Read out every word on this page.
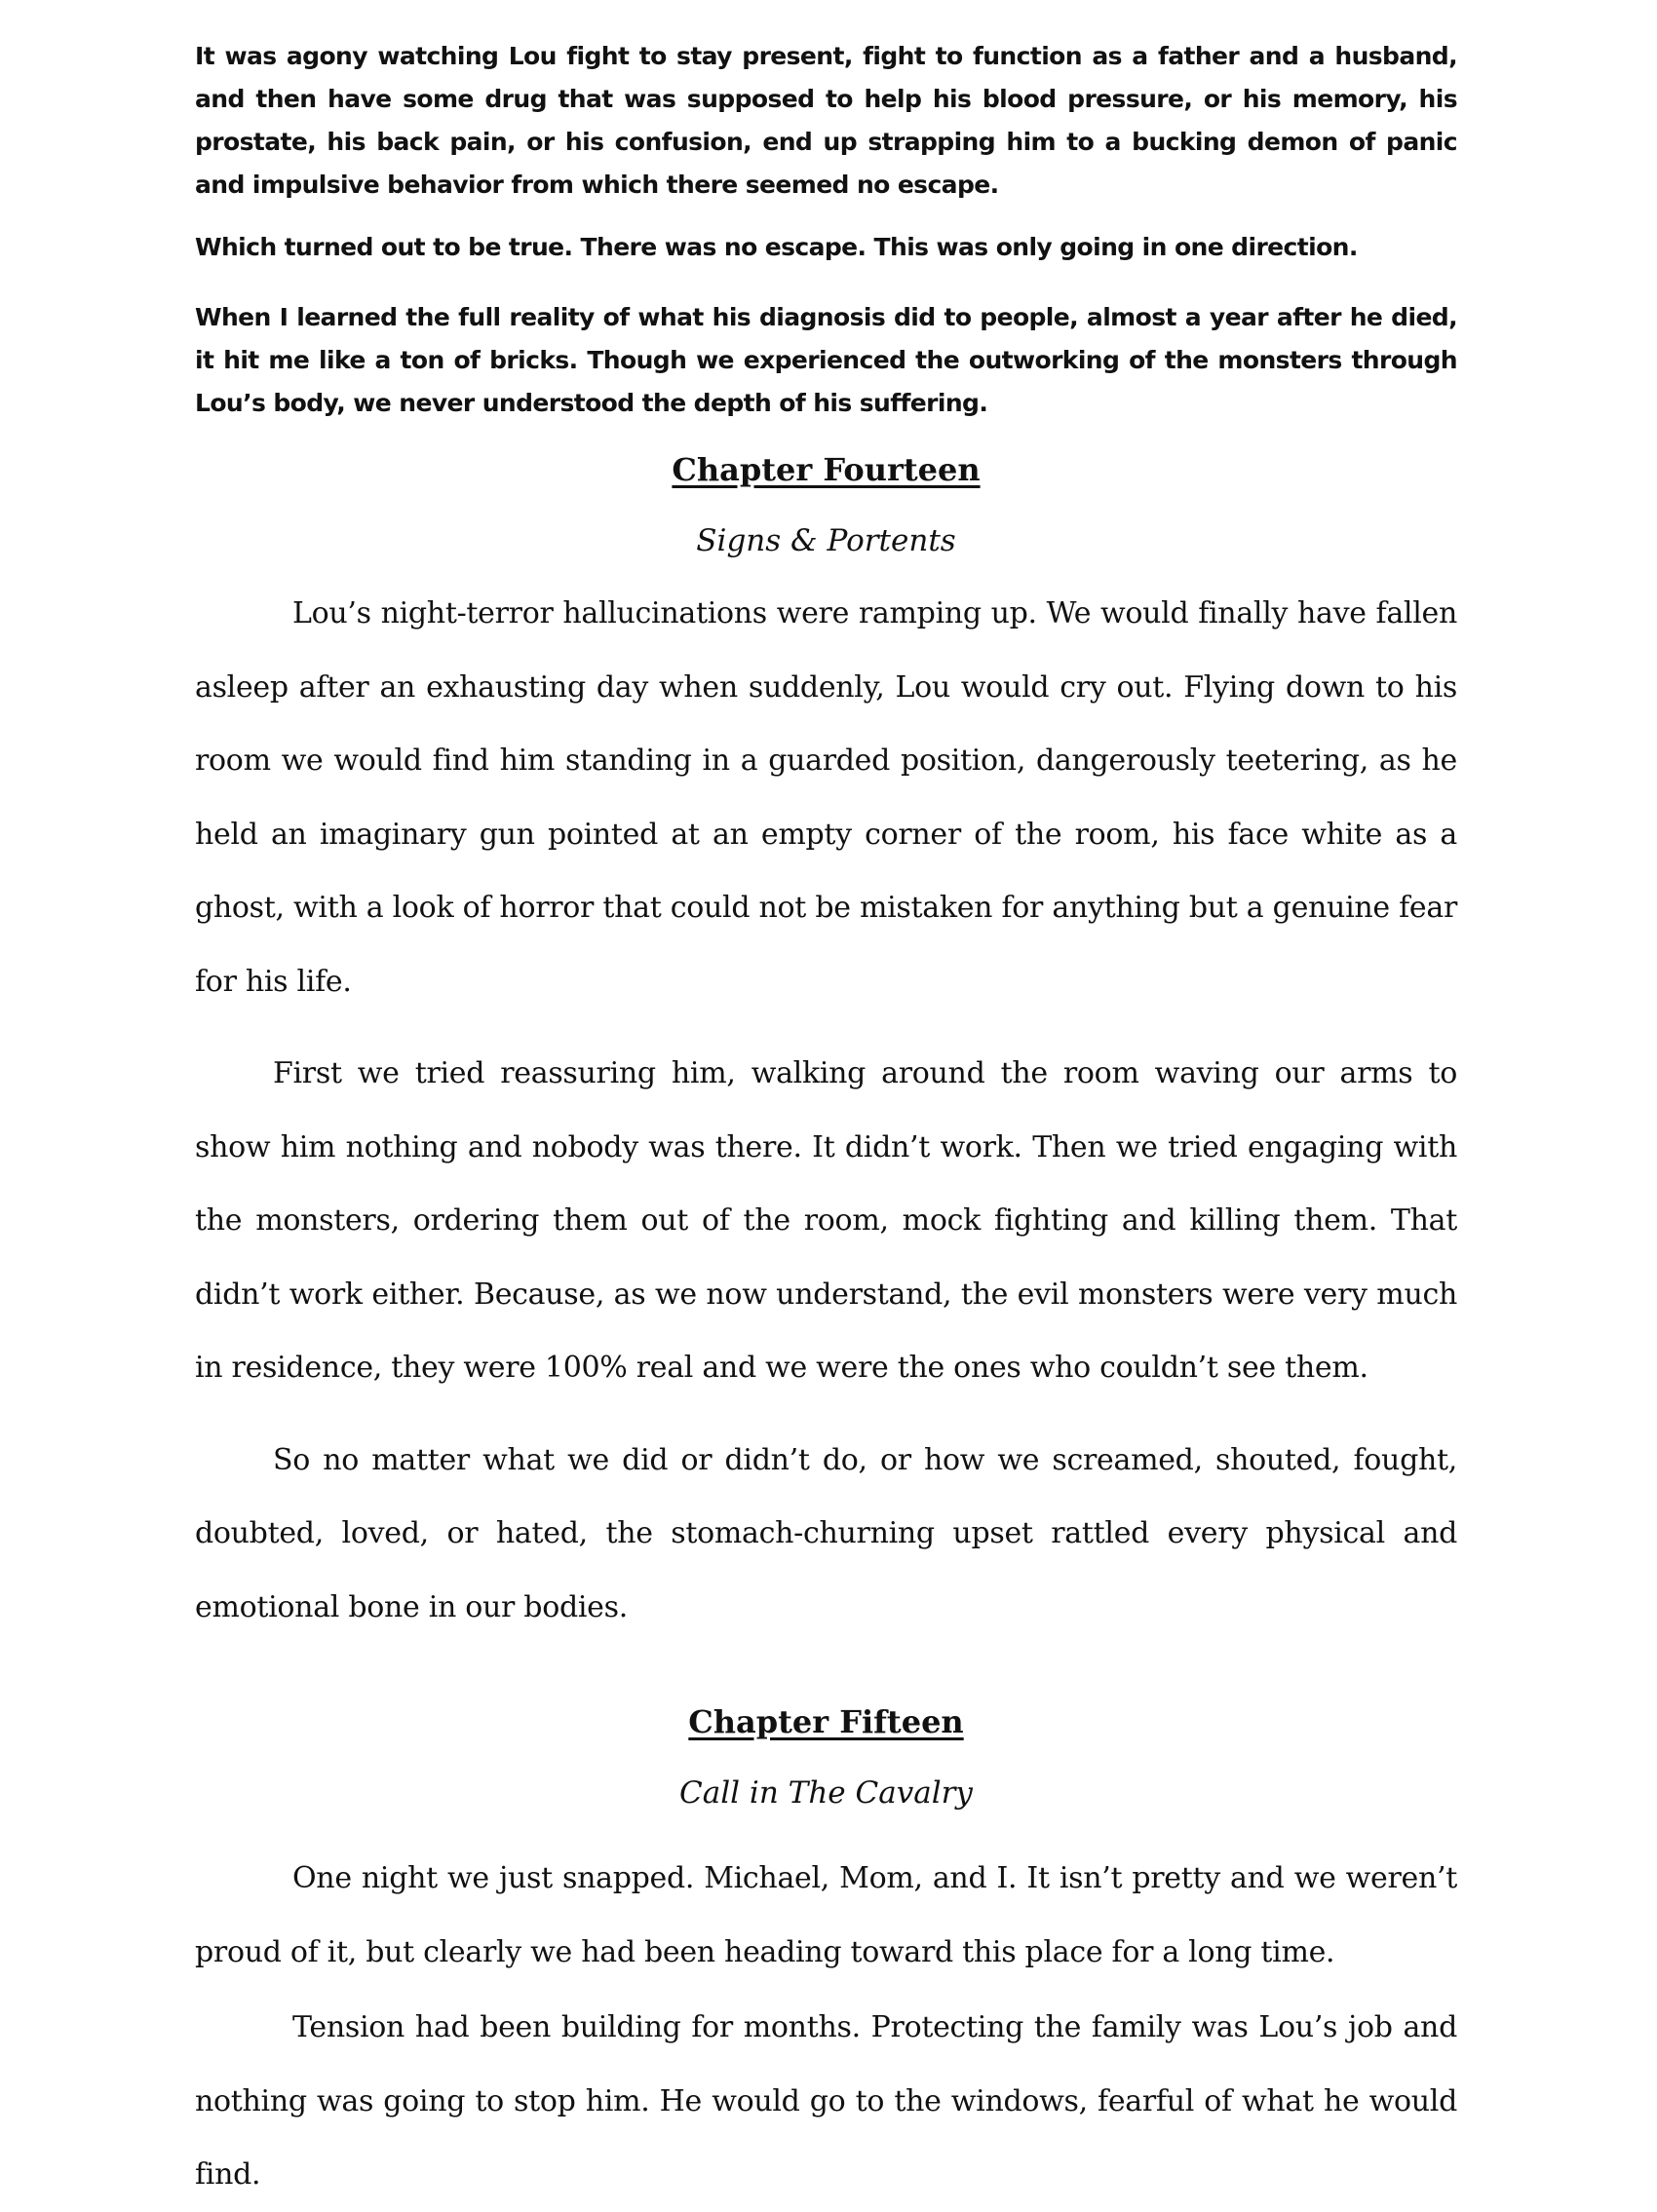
It was agony watching Lou fight to stay present, fight to function as a father and a husband, and then have some drug that was supposed to help his blood pressure, or his memory, his prostate, his back pain, or his confusion, end up strapping him to a bucking demon of panic and impulsive behavior from which there seemed no escape.

Which turned out to be true. There was no escape. This was only going in one direction.

When I learned the full reality of what his diagnosis did to people, almost a year after he died, it hit me like a ton of bricks. Though we experienced the outworking of the monsters through Lou’s body, we never understood the depth of his suffering.

Chapter Fourteen

Signs & Portents

Lou’s night-terror hallucinations were ramping up. We would finally have fallen asleep after an exhausting day when suddenly, Lou would cry out. Flying down to his room we would find him standing in a guarded position, dangerously teetering, as he held an imaginary gun pointed at an empty corner of the room, his face white as a ghost, with a look of horror that could not be mistaken for anything but a genuine fear for his life.

First we tried reassuring him, walking around the room waving our arms to show him nothing and nobody was there. It didn’t work. Then we tried engaging with the monsters, ordering them out of the room, mock fighting and killing them. That didn’t work either. Because, as we now understand, the evil monsters were very much in residence, they were 100% real and we were the ones who couldn’t see them.

So no matter what we did or didn’t do, or how we screamed, shouted, fought, doubted, loved, or hated, the stomach-churning upset rattled every physical and emotional bone in our bodies.

Chapter Fifteen

Call in The Cavalry

One night we just snapped. Michael, Mom, and I. It isn’t pretty and we weren’t proud of it, but clearly we had been heading toward this place for a long time.

Tension had been building for months. Protecting the family was Lou’s job and nothing was going to stop him. He would go to the windows, fearful of what he would find.
